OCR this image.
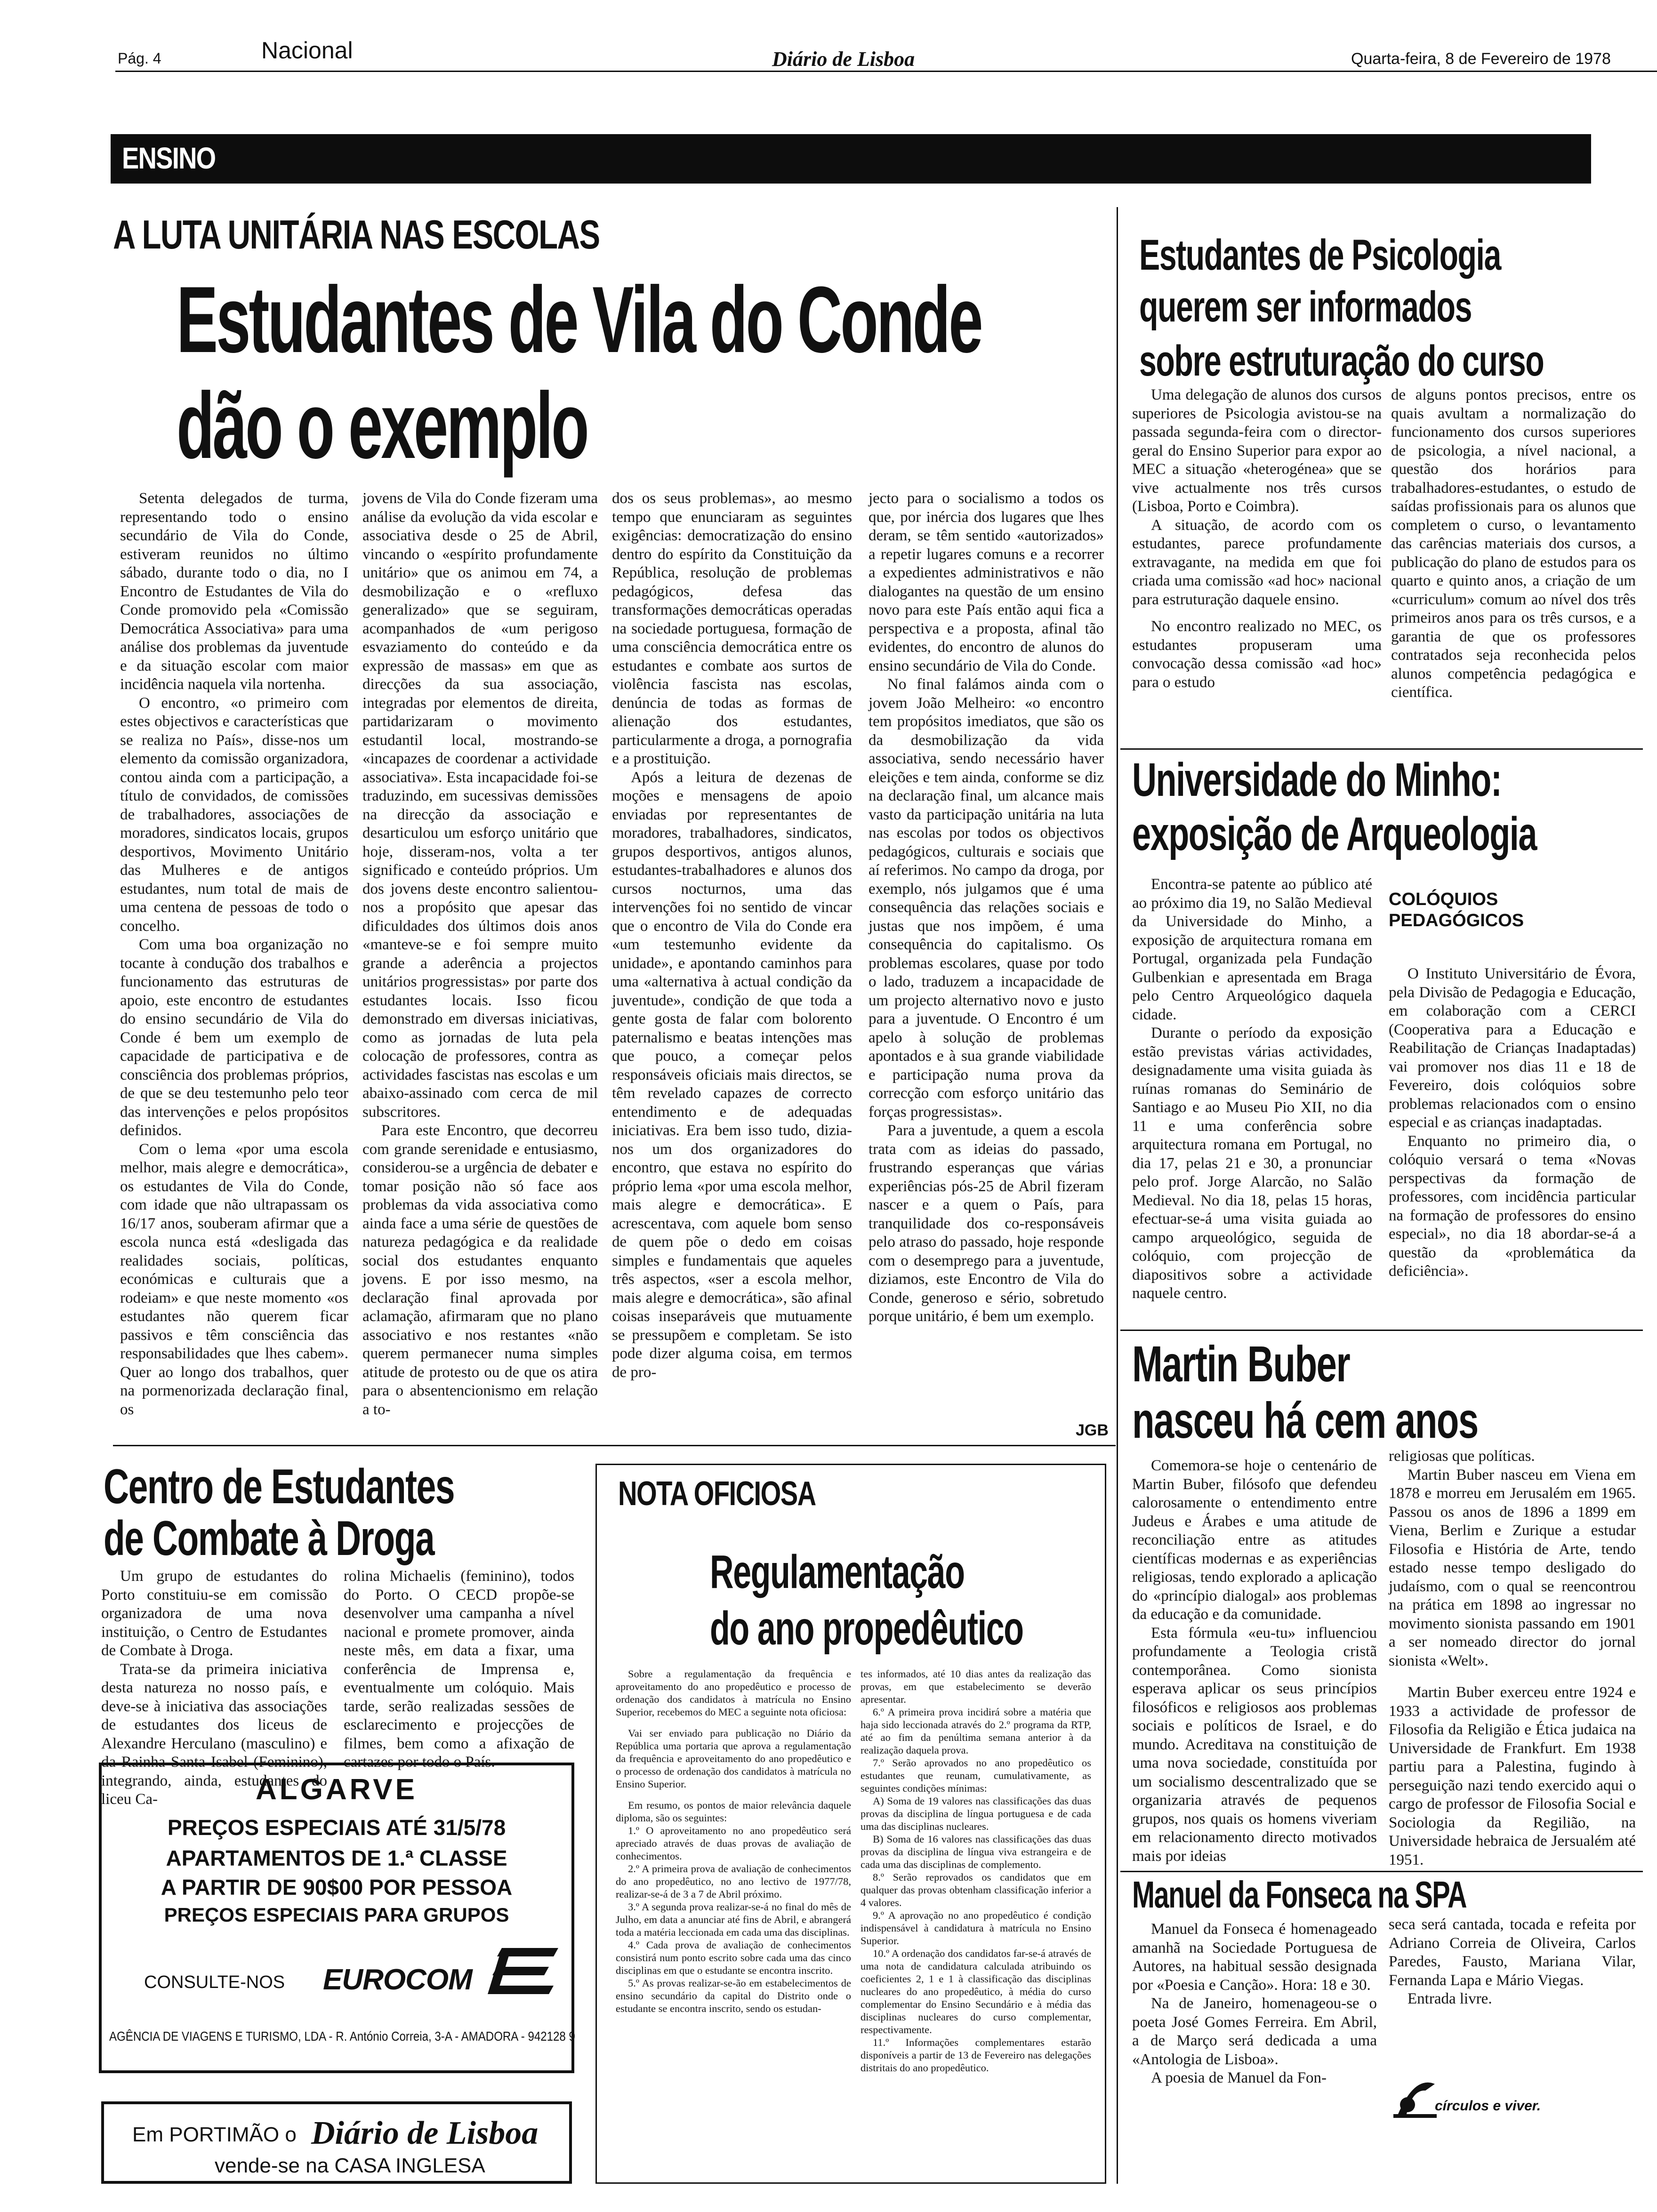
Pág. 4	Nacional	Diário de Lisboa	Quarta-feira, 8 de Fevereiro de 1978
ENSINO
A LUTA UNITÁRIA NAS ESCOLAS
Estudantes de Vila do Conde
dão o exemplo

Setenta delegados de turma, representando todo o ensino secundário de Vila do Conde, estiveram reunidos no último sábado, durante todo o dia, no I Encontro de Estudantes de Vila do Conde promovido pela «Comissão Democrática Associativa» para uma análise dos problemas da juventude e da situação escolar com maior incidência naquela vila nortenha.

O encontro, «o primeiro com estes objectivos e características que se realiza no País», disse-nos um elemento da comissão organizadora, contou ainda com a participação, a título de convidados, de comissões de trabalhadores, associações de moradores, sindicatos locais, grupos desportivos, Movimento Unitário das Mulheres e de antigos estudantes, num total de mais de uma centena de pessoas de todo o concelho.

Com uma boa organização no tocante à condução dos trabalhos e funcionamento das estruturas de apoio, este encontro de estudantes do ensino secundário de Vila do Conde é bem um exemplo de capacidade de participativa e de consciência dos problemas próprios, de que se deu testemunho pelo teor das intervenções e pelos propósitos definidos.

Com o lema «por uma escola melhor, mais alegre e democrática», os estudantes de Vila do Conde, com idade que não ultrapassam os 16/17 anos, souberam afirmar que a escola nunca está «desligada das realidades sociais, políticas, económicas e culturais que a rodeiam» e que neste momento «os estudantes não querem ficar passivos e têm consciência das responsabilidades que lhes cabem». Quer ao longo dos trabalhos, quer na pormenorizada declaração final, os

jovens de Vila do Conde fizeram uma análise da evolução da vida escolar e associativa desde o 25 de Abril, vincando o «espírito profundamente unitário» que os animou em 74, a desmobilização e o «refluxo generalizado» que se seguiram, acompanhados de «um perigoso esvaziamento do conteúdo e da expressão de massas» em que as direcções da sua associação, integradas por elementos de direita, partidarizaram o movimento estudantil local, mostrando-se «incapazes de coordenar a actividade associativa». Esta incapacidade foi-se traduzindo, em sucessivas demissões na direcção da associação e desarticulou um esforço unitário que hoje, disseram-nos, volta a ter significado e conteúdo próprios. Um dos jovens deste encontro salientou-nos a propósito que apesar das dificuldades dos últimos dois anos «manteve-se e foi sempre muito grande a aderência a projectos unitários progressistas» por parte dos estudantes locais. Isso ficou demonstrado em diversas iniciativas, como as jornadas de luta pela colocação de professores, contra as actividades fascistas nas escolas e um abaixo-assinado com cerca de mil subscritores.

Para este Encontro, que decorreu com grande serenidade e entusiasmo, considerou-se a urgência de debater e tomar posição não só face aos problemas da vida associativa como ainda face a uma série de questões de natureza pedagógica e da realidade social dos estudantes enquanto jovens. E por isso mesmo, na declaração final aprovada por aclamação, afirmaram que no plano associativo e nos restantes «não querem permanecer numa simples atitude de protesto ou de que os atira para o absentencionismo em relação a to-

dos os seus problemas», ao mesmo tempo que enunciaram as seguintes exigências: democratização do ensino dentro do espírito da Constituição da República, resolução de problemas pedagógicos, defesa das transformações democráticas operadas na sociedade portuguesa, formação de uma consciência democrática entre os estudantes e combate aos surtos de violência fascista nas escolas, denúncia de todas as formas de alienação dos estudantes, particularmente a droga, a pornografia e a prostituição.

Após a leitura de dezenas de moções e mensagens de apoio enviadas por representantes de moradores, trabalhadores, sindicatos, grupos desportivos, antigos alunos, estudantes-trabalhadores e alunos dos cursos nocturnos, uma das intervenções foi no sentido de vincar que o encontro de Vila do Conde era «um testemunho evidente da unidade», e apontando caminhos para uma «alternativa à actual condição da juventude», condição de que toda a gente gosta de falar com bolorento paternalismo e beatas intenções mas que pouco, a começar pelos responsáveis oficiais mais directos, se têm revelado capazes de correcto entendimento e de adequadas iniciativas. Era bem isso tudo, dizia-nos um dos organizadores do encontro, que estava no espírito do próprio lema «por uma escola melhor, mais alegre e democrática». E acrescentava, com aquele bom senso de quem põe o dedo em coisas simples e fundamentais que aqueles três aspectos, «ser a escola melhor, mais alegre e democrática», são afinal coisas inseparáveis que mutuamente se pressupõem e completam. Se isto pode dizer alguma coisa, em termos de pro-

jecto para o socialismo a todos os que, por inércia dos lugares que lhes deram, se têm sentido «autorizados» a repetir lugares comuns e a recorrer a expedientes administrativos e não dialogantes na questão de um ensino novo para este País então aqui fica a perspectiva e a proposta, afinal tão evidentes, do encontro de alunos do ensino secundário de Vila do Conde.

No final falámos ainda com o jovem João Melheiro: «o encontro tem propósitos imediatos, que são os da desmobilização da vida associativa, sendo necessário haver eleições e tem ainda, conforme se diz na declaração final, um alcance mais vasto da participação unitária na luta nas escolas por todos os objectivos pedagógicos, culturais e sociais que aí referimos. No campo da droga, por exemplo, nós julgamos que é uma consequência das relações sociais e justas que nos impõem, é uma consequência do capitalismo. Os problemas escolares, quase por todo o lado, traduzem a incapacidade de um projecto alternativo novo e justo para a juventude. O Encontro é um apelo à solução de problemas apontados e à sua grande viabilidade e participação numa prova da correcção com esforço unitário das forças progressistas».

Para a juventude, a quem a escola trata com as ideias do passado, frustrando esperanças que várias experiências pós-25 de Abril fizeram nascer e a quem o País, para tranquilidade dos co-responsáveis pelo atraso do passado, hoje responde com o desemprego para a juventude, diziamos, este Encontro de Vila do Conde, generoso e sério, sobretudo porque unitário, é bem um exemplo.

JGB
Estudantes de Psicologia
querem ser informados
sobre estruturação do curso

Uma delegação de alunos dos cursos superiores de Psicologia avistou-se na passada segunda-feira com o director-geral do Ensino Superior para expor ao MEC a situação «heterogénea» que se vive actualmente nos três cursos (Lisboa, Porto e Coimbra).

A situação, de acordo com os estudantes, parece profundamente extravagante, na medida em que foi criada uma comissão «ad hoc» nacional para estruturação daquele ensino.

No encontro realizado no MEC, os estudantes propuseram uma convocação dessa comissão «ad hoc» para o estudo

de alguns pontos precisos, entre os quais avultam a normalização do funcionamento dos cursos superiores de psicologia, a nível nacional, a questão dos horários para trabalhadores-estudantes, o estudo de saídas profissionais para os alunos que completem o curso, o levantamento das carências materiais dos cursos, a publicação do plano de estudos para os quarto e quinto anos, a criação de um «curriculum» comum ao nível dos três primeiros anos para os três cursos, e a garantia de que os professores contratados seja reconhecida pelos alunos competência pedagógica e científica.

Universidade do Minho:
exposição de Arqueologia

Encontra-se patente ao público até ao próximo dia 19, no Salão Medieval da Universidade do Minho, a exposição de arquitectura romana em Portugal, organizada pela Fundação Gulbenkian e apresentada em Braga pelo Centro Arqueológico daquela cidade.

Durante o período da exposição estão previstas várias actividades, designadamente uma visita guiada às ruínas romanas do Seminário de Santiago e ao Museu Pio XII, no dia 11 e uma conferência sobre arquitectura romana em Portugal, no dia 17, pelas 21 e 30, a pronunciar pelo prof. Jorge Alarcão, no Salão Medieval. No dia 18, pelas 15 horas, efectuar-se-á uma visita guiada ao campo arqueológico, seguida de colóquio, com projecção de diapositivos sobre a actividade naquele centro.

COLÓQUIOS
PEDAGÓGICOS

O Instituto Universitário de Évora, pela Divisão de Pedagogia e Educação, em colaboração com a CERCI (Cooperativa para a Educação e Reabilitação de Crianças Inadaptadas) vai promover nos dias 11 e 18 de Fevereiro, dois colóquios sobre problemas relacionados com o ensino especial e as crianças inadaptadas.

Enquanto no primeiro dia, o colóquio versará o tema «Novas perspectivas da formação de professores, com incidência particular na formação de professores do ensino especial», no dia 18 abordar-se-á a questão da «problemática da deficiência».

Martin Buber
nasceu há cem anos

Comemora-se hoje o centenário de Martin Buber, filósofo que defendeu calorosamente o entendimento entre Judeus e Árabes e uma atitude de reconciliação entre as atitudes científicas modernas e as experiências religiosas, tendo explorado a aplicação do «princípio dialogal» aos problemas da educação e da comunidade.

Esta fórmula «eu-tu» influenciou profundamente a Teologia cristã contemporânea. Como sionista esperava aplicar os seus princípios filosóficos e religiosos aos problemas sociais e políticos de Israel, e do mundo. Acreditava na constituição de uma nova sociedade, constituída por um socialismo descentralizado que se organizaria através de pequenos grupos, nos quais os homens viveriam em relacionamento directo motivados mais por ideias

religiosas que políticas.

Martin Buber nasceu em Viena em 1878 e morreu em Jerusalém em 1965. Passou os anos de 1896 a 1899 em Viena, Berlim e Zurique a estudar Filosofia e História de Arte, tendo estado nesse tempo desligado do judaísmo, com o qual se reencontrou na prática em 1898 ao ingressar no movimento sionista passando em 1901 a ser nomeado director do jornal sionista «Welt».

Martin Buber exerceu entre 1924 e 1933 a actividade de professor de Filosofia da Religião e Ética judaica na Universidade de Frankfurt. Em 1938 partiu para a Palestina, fugindo à perseguição nazi tendo exercido aqui o cargo de professor de Filosofia Social e Sociologia da Regilião, na Universidade hebraica de Jersualém até 1951.

Manuel da Fonseca na SPA

Manuel da Fonseca é homenageado amanhã na Sociedade Portuguesa de Autores, na habitual sessão designada por «Poesia e Canção». Hora: 18 e 30.

Na de Janeiro, homenageou-se o poeta José Gomes Ferreira. Em Abril, a de Março será dedicada a uma «Antologia de Lisboa».

A poesia de Manuel da Fon-

seca será cantada, tocada e refeita por Adriano Correia de Oliveira, Carlos Paredes, Fausto, Mariana Vilar, Fernanda Lapa e Mário Viegas.

Entrada livre.

círculos e viver.
Centro de Estudantes
de Combate à Droga

Um grupo de estudantes do Porto constituiu-se em comissão organizadora de uma nova instituição, o Centro de Estudantes de Combate à Droga.

Trata-se da primeira iniciativa desta natureza no nosso país, e deve-se à iniciativa das associações de estudantes dos liceus de Alexandre Herculano (masculino) e da Rainha Santa Isabel (Feminino), integrando, ainda, estudantes do liceu Ca-

rolina Michaelis (feminino), todos do Porto. O CECD propõe-se desenvolver uma campanha a nível nacional e promete promover, ainda neste mês, em data a fixar, uma conferência de Imprensa e, eventualmente um colóquio. Mais tarde, serão realizadas sessões de esclarecimento e projecções de filmes, bem como a afixação de cartazes por todo o País.

ALGARVE
PREÇOS ESPECIAIS ATÉ 31/5/78
APARTAMENTOS DE 1.ª CLASSE
A PARTIR DE 90$00 POR PESSOA
PREÇOS ESPECIAIS PARA GRUPOS
CONSULTE-NOS EUROCOM
AGÊNCIA DE VIAGENS E TURISMO, LDA - R. António Correia, 3-A - AMADORA - 942128 9
Em PORTIMÃO o Diário de Lisboa
vende-se na CASA INGLESA
NOTA OFICIOSA
Regulamentação
do ano propedêutico

Sobre a regulamentação da frequência e aproveitamento do ano propedêutico e processo de ordenação dos candidatos à matrícula no Ensino Superior, recebemos do MEC a seguinte nota oficiosa:

Vai ser enviado para publicação no Diário da República uma portaria que aprova a regulamentação da frequência e aproveitamento do ano propedêutico e o processo de ordenação dos candidatos à matrícula no Ensino Superior.

Em resumo, os pontos de maior relevância daquele diploma, são os seguintes:

1.º O aproveitamento no ano propedêutico será apreciado através de duas provas de avaliação de conhecimentos.

2.º A primeira prova de avaliação de conhecimentos do ano propedêutico, no ano lectivo de 1977/78, realizar-se-á de 3 a 7 de Abril próximo.

3.º A segunda prova realizar-se-á no final do mês de Julho, em data a anunciar até fins de Abril, e abrangerá toda a matéria leccionada em cada uma das disciplinas.

4.º Cada prova de avaliação de conhecimentos consistirá num ponto escrito sobre cada uma das cinco disciplinas em que o estudante se encontra inscrito.

5.º As provas realizar-se-ão em estabelecimentos de ensino secundário da capital do Distrito onde o estudante se encontra inscrito, sendo os estudan-

tes informados, até 10 dias antes da realização das provas, em que estabelecimento se deverão apresentar.

6.º A primeira prova incidirá sobre a matéria que haja sido leccionada através do 2.º programa da RTP, até ao fim da penúltima semana anterior à da realização daquela prova.

7.º Serão aprovados no ano propedêutico os estudantes que reunam, cumulativamente, as seguintes condições mínimas:

A) Soma de 19 valores nas classificações das duas provas da disciplina de língua portuguesa e de cada uma das disciplinas nucleares.

B) Soma de 16 valores nas classificações das duas provas da disciplina de língua viva estrangeira e de cada uma das disciplinas de complemento.

8.º Serão reprovados os candidatos que em qualquer das provas obtenham classificação inferior a 4 valores.

9.º A aprovação no ano propedêutico é condição indispensável à candidatura à matrícula no Ensino Superior.

10.º A ordenação dos candidatos far-se-á através de uma nota de candidatura calculada atribuindo os coeficientes 2, 1 e 1 à classificação das disciplinas nucleares do ano propedêutico, à média do curso complementar do Ensino Secundário e à média das disciplinas nucleares do curso complementar, respectivamente.

11.º Informações complementares estarão disponíveis a partir de 13 de Fevereiro nas delegações distritais do ano propedêutico.
